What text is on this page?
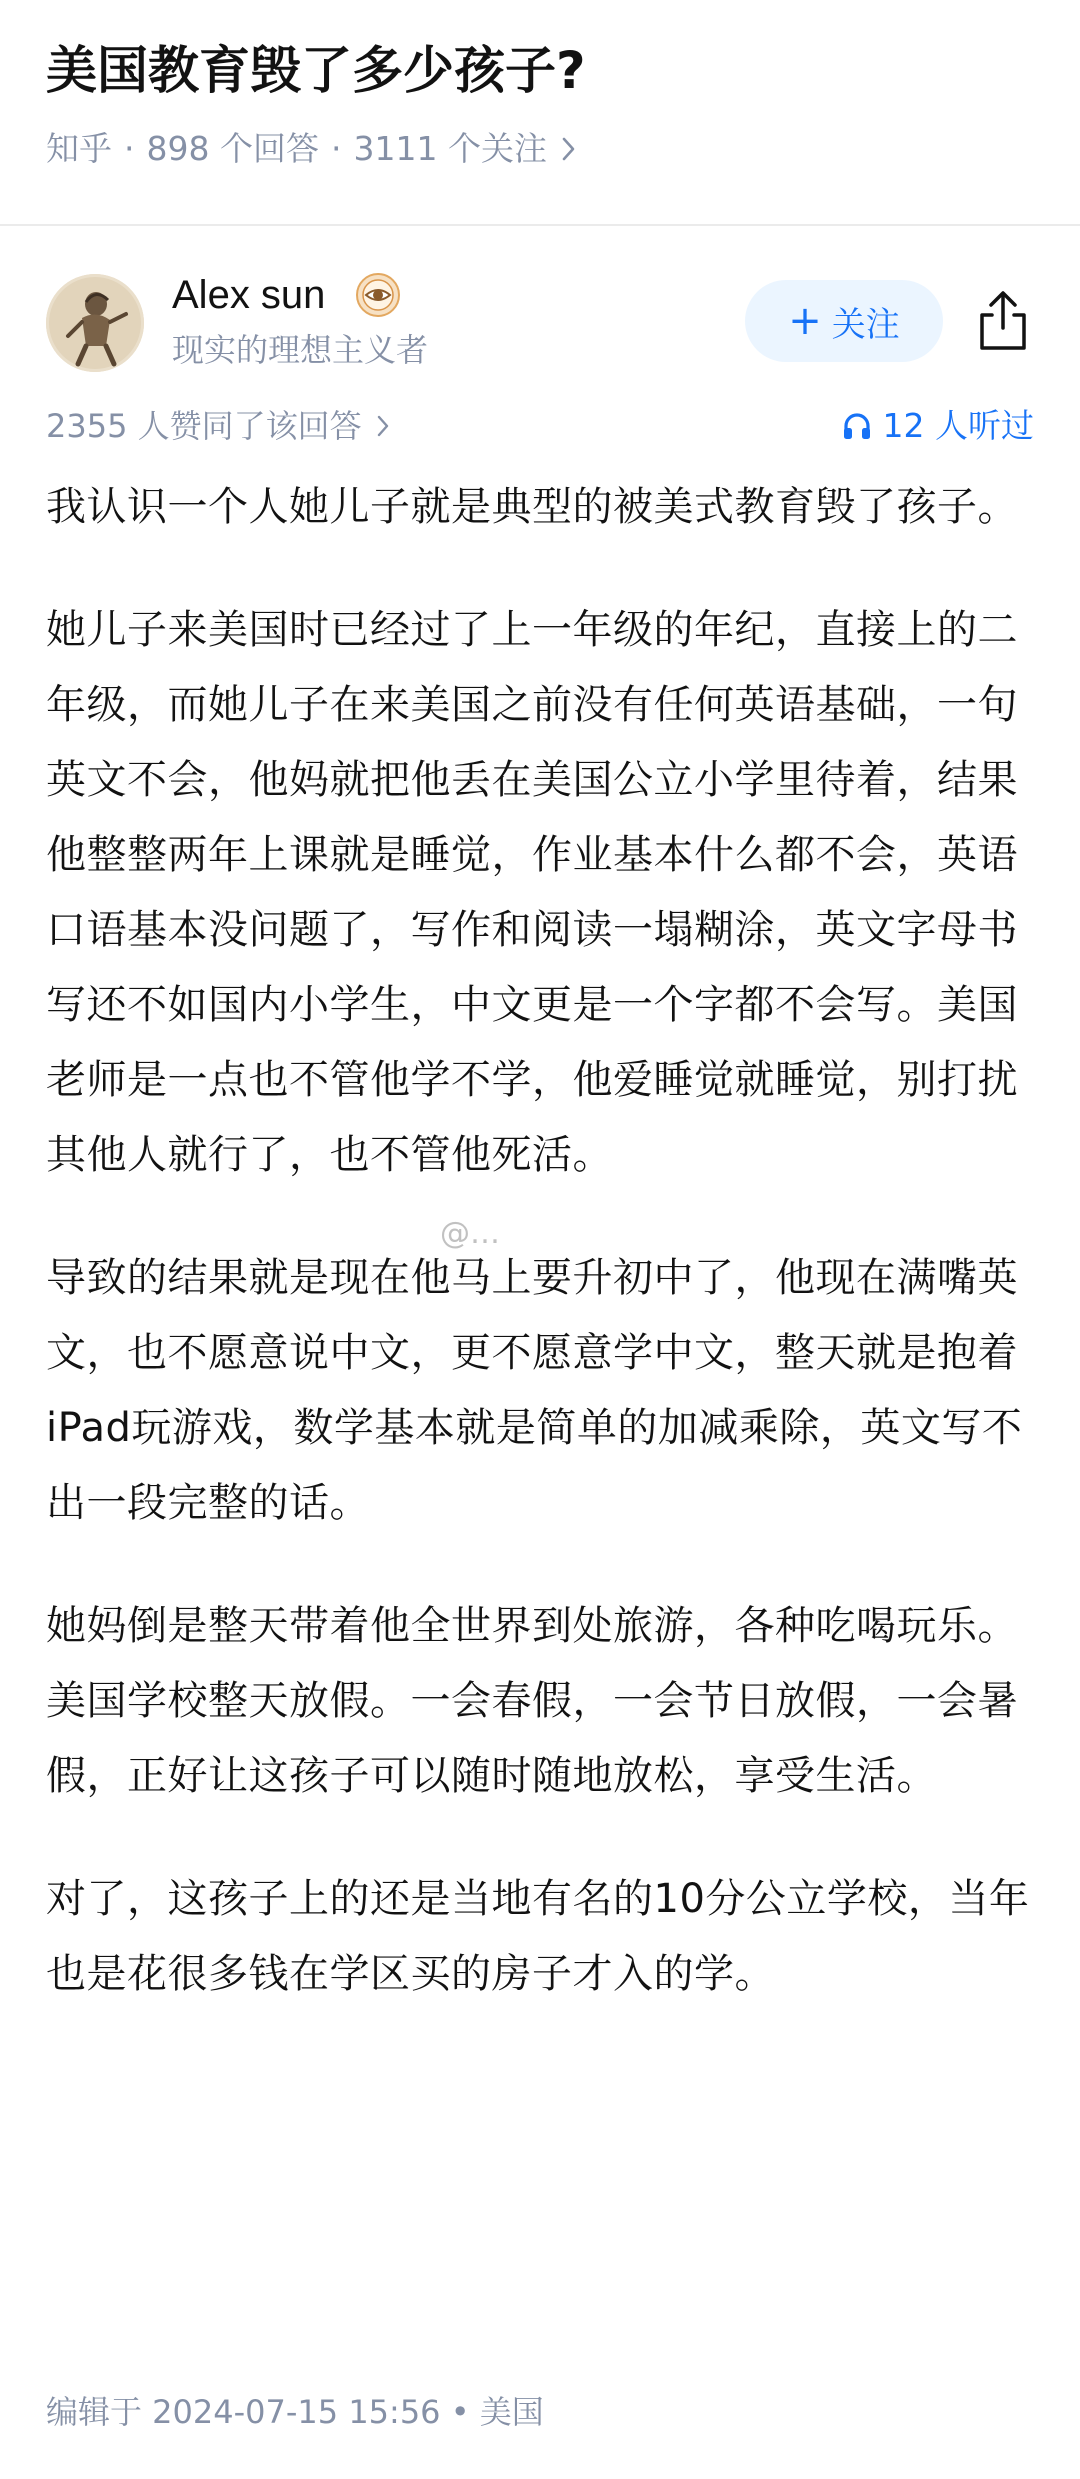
美国教育毁了多少孩子?
知乎 · 898 个回答 · 3111 个关注
Alex sun
现实的理想主义者
+ 关注
2355 人赞同了该回答	12 人听过

我认识一个人她儿子就是典型的被美式教育毁了孩子。

她儿子来美国时已经过了上一年级的年纪，直接上的二年级，而她儿子在来美国之前没有任何英语基础，一句英文不会，他妈就把他丢在美国公立小学里待着，结果他整整两年上课就是睡觉，作业基本什么都不会，英语口语基本没问题了，写作和阅读一塌糊涂，英文字母书写还不如国内小学生，中文更是一个字都不会写。美国老师是一点也不管他学不学，他爱睡觉就睡觉，别打扰其他人就行了，也不管他死活。

导致的结果就是现在他马上要升初中了，他现在满嘴英文，也不愿意说中文，更不愿意学中文，整天就是抱着iPad玩游戏，数学基本就是简单的加减乘除，英文写不出一段完整的话。

她妈倒是整天带着他全世界到处旅游，各种吃喝玩乐。美国学校整天放假。一会春假，一会节日放假，一会暑假，正好让这孩子可以随时随地放松，享受生活。

对了，这孩子上的还是当地有名的10分公立学校，当年也是花很多钱在学区买的房子才入的学。

@…
编辑于 2024-07-15 15:56 • 美国
